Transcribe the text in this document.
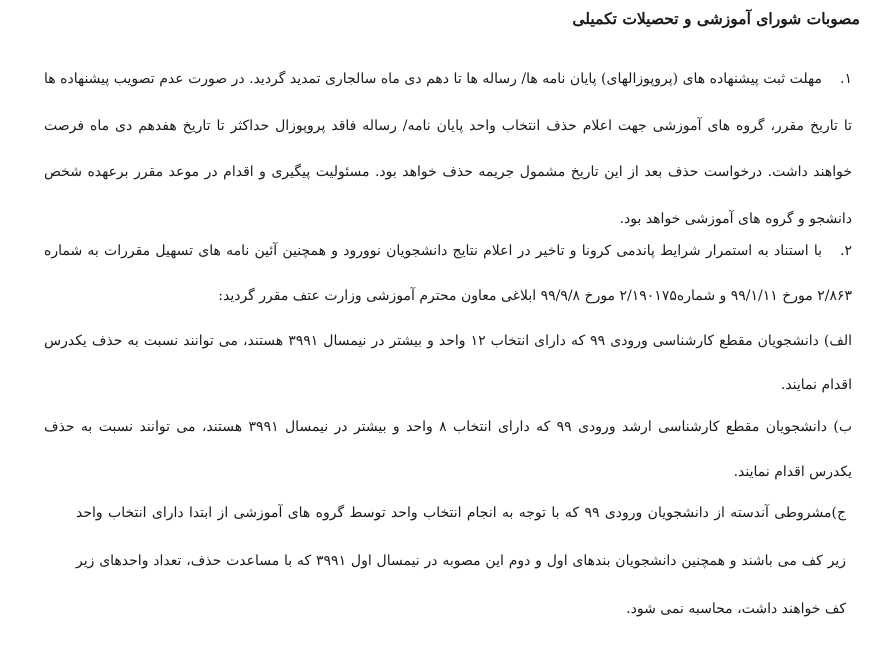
مصوبات شورای آموزشی و تحصیلات تکمیلی

۱.مهلت ثبت پیشنهاده های (پروپوزالهای) پایان نامه ها/ رساله ها تا دهم دی ماه سالجاری تمدید گردید. در صورت عدم تصویب پیشنهاده ها تا تاریخ مقرر، گروه های آموزشی جهت اعلام حذف انتخاب واحد پایان نامه/ رساله فاقد پروپوزال حداکثر تا تاریخ هفدهم دی ماه فرصت خواهند داشت. درخواست حذف بعد از این تاریخ مشمول جریمه حذف خواهد بود. مسئولیت پیگیری و اقدام در موعد مقرر برعهده شخص دانشجو و گروه های آموزشی خواهد بود.

۲.با استناد به استمرار شرایط پاندمی کرونا و تاخیر در اعلام نتایج دانشجویان نوورود و همچنین آئین نامه های تسهیل مقررات به شماره ۲/۸۶۳ مورخ ۹۹/۱/۱۱ و شماره۲/۱۹۰۱۷۵ مورخ ۹۹/۹/۸ ابلاغی معاون محترم آموزشی وزارت عتف مقرر گردید:

الف) دانشجویان مقطع کارشناسی ورودی ۹۹ که دارای انتخاب ۱۲ واحد و بیشتر در نیمسال ۳۹۹۱ هستند، می توانند نسبت به حذف یکدرس اقدام نمایند.

ب) دانشجویان مقطع کارشناسی ارشد ورودی ۹۹ که دارای انتخاب ۸ واحد و بیشتر در نیمسال ۳۹۹۱ هستند، می توانند نسبت به حذف یکدرس اقدام نمایند.

ج)مشروطی آندسته از دانشجویان ورودی ۹۹ که با توجه به انجام انتخاب واحد توسط گروه های آموزشی از ابتدا دارای انتخاب واحد زیر کف می باشند و همچنین دانشجویان بندهای اول و دوم این مصوبه در نیمسال اول ۳۹۹۱ که با مساعدت حذف، تعداد واحدهای زیر کف خواهند داشت، محاسبه نمی شود.
